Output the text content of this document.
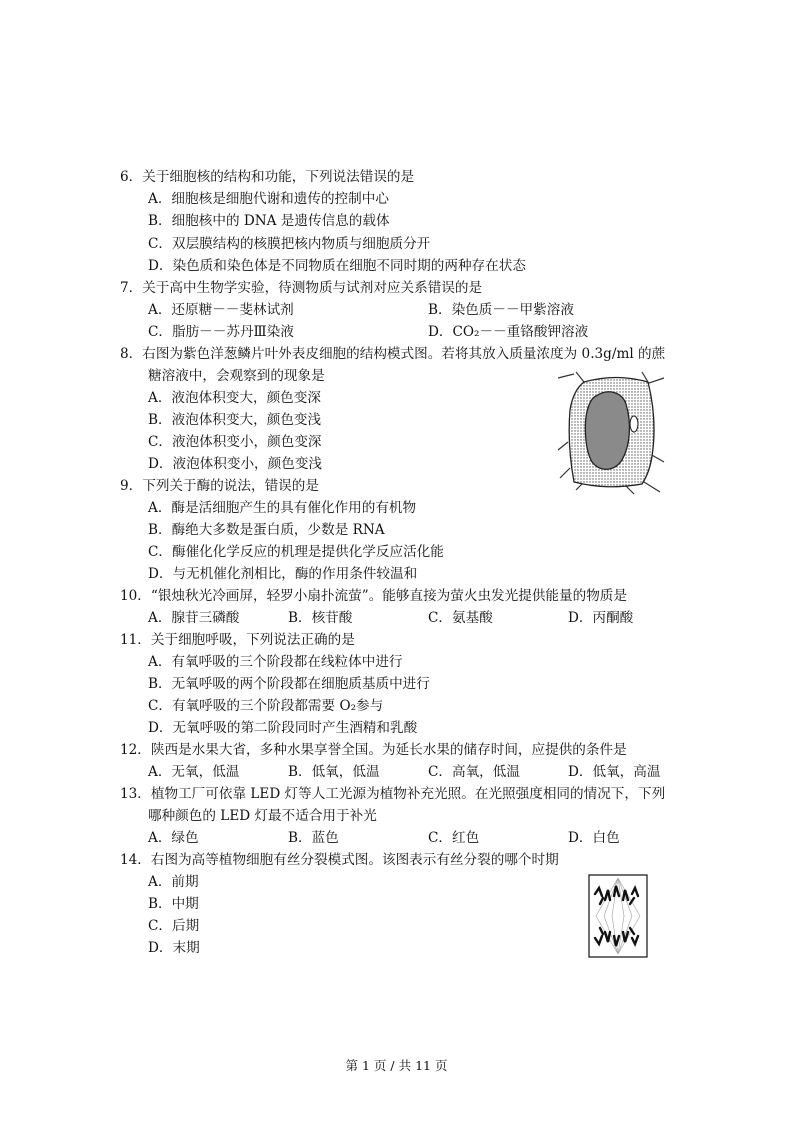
6．关于细胞核的结构和功能，下列说法错误的是
A．细胞核是细胞代谢和遗传的控制中心
B．细胞核中的 DNA 是遗传信息的载体
C．双层膜结构的核膜把核内物质与细胞质分开
D．染色质和染色体是不同物质在细胞不同时期的两种存在状态
7．关于高中生物学实验，待测物质与试剂对应关系错误的是
A．还原糖－－斐林试剂	B．染色质－－甲紫溶液
C．脂肪－－苏丹Ⅲ染液	D．CO₂－－重铬酸钾溶液
8．右图为紫色洋葱鳞片叶外表皮细胞的结构模式图。若将其放入质量浓度为 0.3g/ml 的蔗
糖溶液中，会观察到的现象是
A．液泡体积变大，颜色变深
B．液泡体积变大，颜色变浅
C．液泡体积变小，颜色变深
D．液泡体积变小，颜色变浅
9．下列关于酶的说法，错误的是
A．酶是活细胞产生的具有催化作用的有机物
B．酶绝大多数是蛋白质，少数是 RNA
C．酶催化化学反应的机理是提供化学反应活化能
D．与无机催化剂相比，酶的作用条件较温和
10．“银烛秋光冷画屏，轻罗小扇扑流萤”。能够直接为萤火虫发光提供能量的物质是
A．腺苷三磷酸	B．核苷酸	C．氨基酸	D．丙酮酸
11．关于细胞呼吸，下列说法正确的是
A．有氧呼吸的三个阶段都在线粒体中进行
B．无氧呼吸的两个阶段都在细胞质基质中进行
C．有氧呼吸的三个阶段都需要 O₂参与
D．无氧呼吸的第二阶段同时产生酒精和乳酸
12．陕西是水果大省，多种水果享誉全国。为延长水果的储存时间，应提供的条件是
A．无氧，低温	B．低氧，低温	C．高氧，低温	D．低氧，高温
13．植物工厂可依靠 LED 灯等人工光源为植物补充光照。在光照强度相同的情况下，下列
哪种颜色的 LED 灯最不适合用于补光
A．绿色	B．蓝色	C．红色	D．白色
14．右图为高等植物细胞有丝分裂模式图。该图表示有丝分裂的哪个时期
A．前期
B．中期
C．后期
D．末期
第 1 页 / 共 11 页
